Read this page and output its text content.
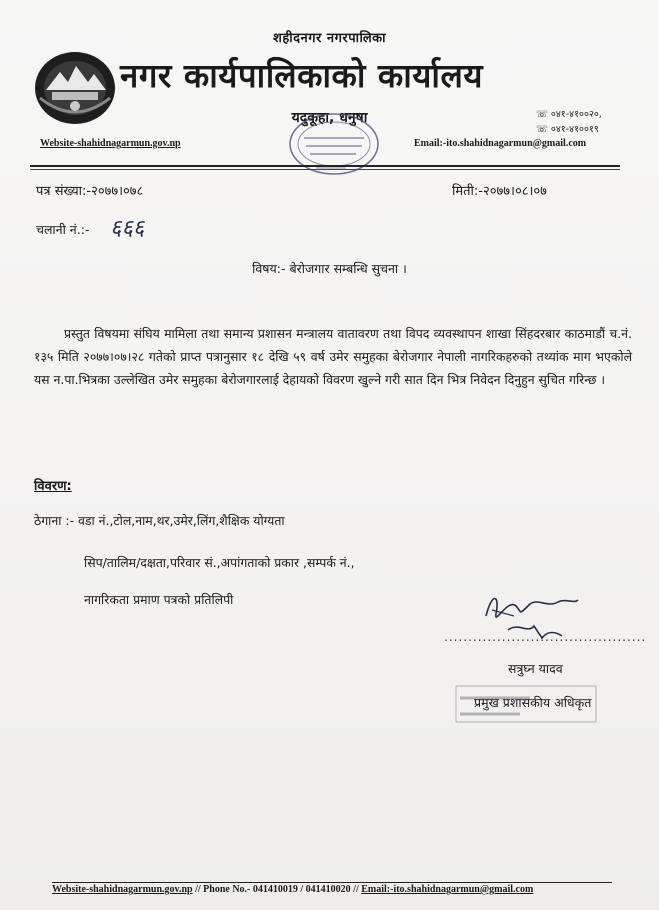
शहीदनगर नगरपालिका
नगर कार्यपालिकाको कार्यालय
यदुकूहा, धनुषा	☏ ०४१-४१००२०,
☏ ०४१-४१००१९
Website-shahidnagarmun.gov.np	Email:-ito.shahidnagarmun@gmail.com
पत्र संख्या:-२०७७।०७८	मिती:-२०७७।०८।०७
चलानी नं.:- ६६६
विषय:- बेरोजगार सम्बन्धि सुचना ।
प्रस्तुत विषयमा संघिय मामिला तथा समान्य प्रशासन मन्त्रालय वातावरण तथा विपद व्यवस्थापन शाखा सिंहदरबार काठमाडौं च.नं. १३५ मिति २०७७।०७।२८ गतेको प्राप्त पत्रानुसार १८ देखि ५९ वर्ष उमेर समुहका बेरोजगार नेपाली नागरिकहरुको तथ्यांक माग भएकोले यस न.पा.भित्रका उल्लेखित उमेर समुहका बेरोजगारलाई देहायको विवरण खुल्ने गरी सात दिन भित्र निवेदन दिनुहुन सुचित गरिन्छ ।
विवरण:
ठेगाना :- वडा नं.,टोल,नाम,थर,उमेर,लिंग,शैक्षिक योग्यता
सिप/तालिम/दक्षता,परिवार सं.,अपांगताको प्रकार ,सम्पर्क नं.,
नागरिकता प्रमाण पत्रको प्रतिलिपी
..........................................
सत्रुघ्न यादव
प्रमुख प्रशासकीय अधिकृत
Website-shahidnagarmun.gov.np // Phone No.- 041410019 / 041410020 // Email:-ito.shahidnagarmun@gmail.com
